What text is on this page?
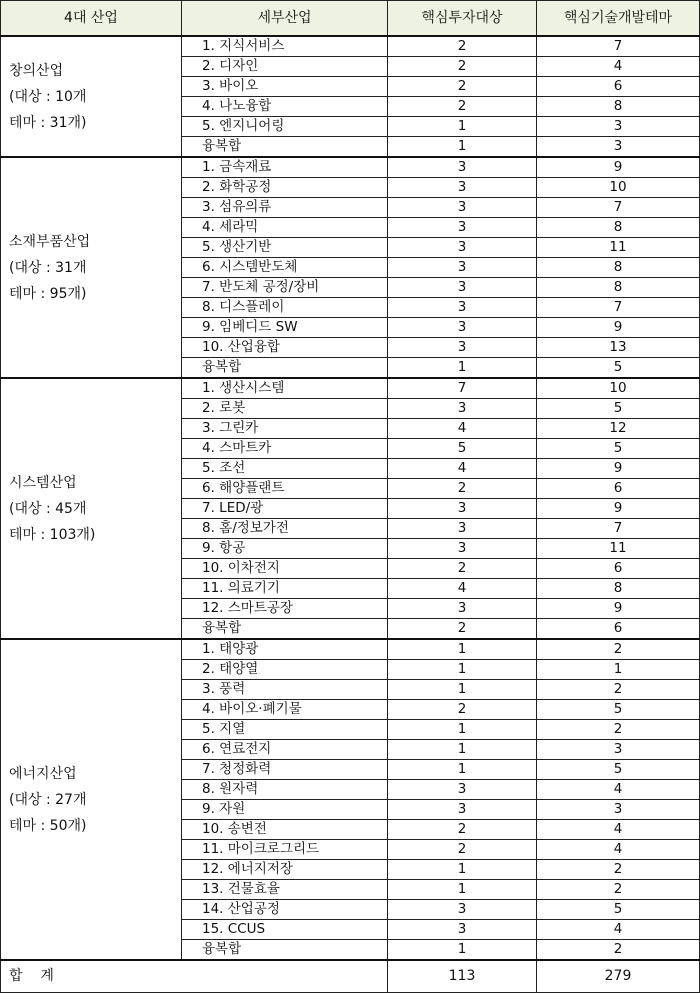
4대 산업	세부산업	핵심투자대상	핵심기술개발테마

창의산업
(대상 : 10개
테마 : 31개)	1. 지식서비스	2	7
	2. 디자인	2	4
	3. 바이오	2	6
	4. 나노융합	2	8
	5. 엔지니어링	1	3
	융복합	1	3

소재부품산업
(대상 : 31개
테마 : 95개)	1. 금속재료	3	9
	2. 화학공정	3	10
	3. 섬유의류	3	7
	4. 세라믹	3	8
	5. 생산기반	3	11
	6. 시스템반도체	3	8
	7. 반도체 공정/장비	3	8
	8. 디스플레이	3	7
	9. 임베디드 SW	3	9
	10. 산업융합	3	13
	융복합	1	5

시스템산업
(대상 : 45개
테마 : 103개)	1. 생산시스템	7	10
	2. 로봇	3	5
	3. 그린카	4	12
	4. 스마트카	5	5
	5. 조선	4	9
	6. 해양플랜트	2	6
	7. LED/광	3	9
	8. 홈/정보가전	3	7
	9. 항공	3	11
	10. 이차전지	2	6
	11. 의료기기	4	8
	12. 스마트공장	3	9
	융복합	2	6

에너지산업
(대상 : 27개
테마 : 50개)	1. 태양광	1	2
	2. 태양열	1	1
	3. 풍력	1	2
	4. 바이오·폐기물	2	5
	5. 지열	1	2
	6. 연료전지	1	3
	7. 청정화력	1	5
	8. 원자력	3	4
	9. 자원	3	3
	10. 송변전	2	4
	11. 마이크로그리드	2	4
	12. 에너지저장	1	2
	13. 건물효율	1	2
	14. 산업공정	3	5
	15. CCUS	3	4
	융복합	1	2
합    계		113	279
